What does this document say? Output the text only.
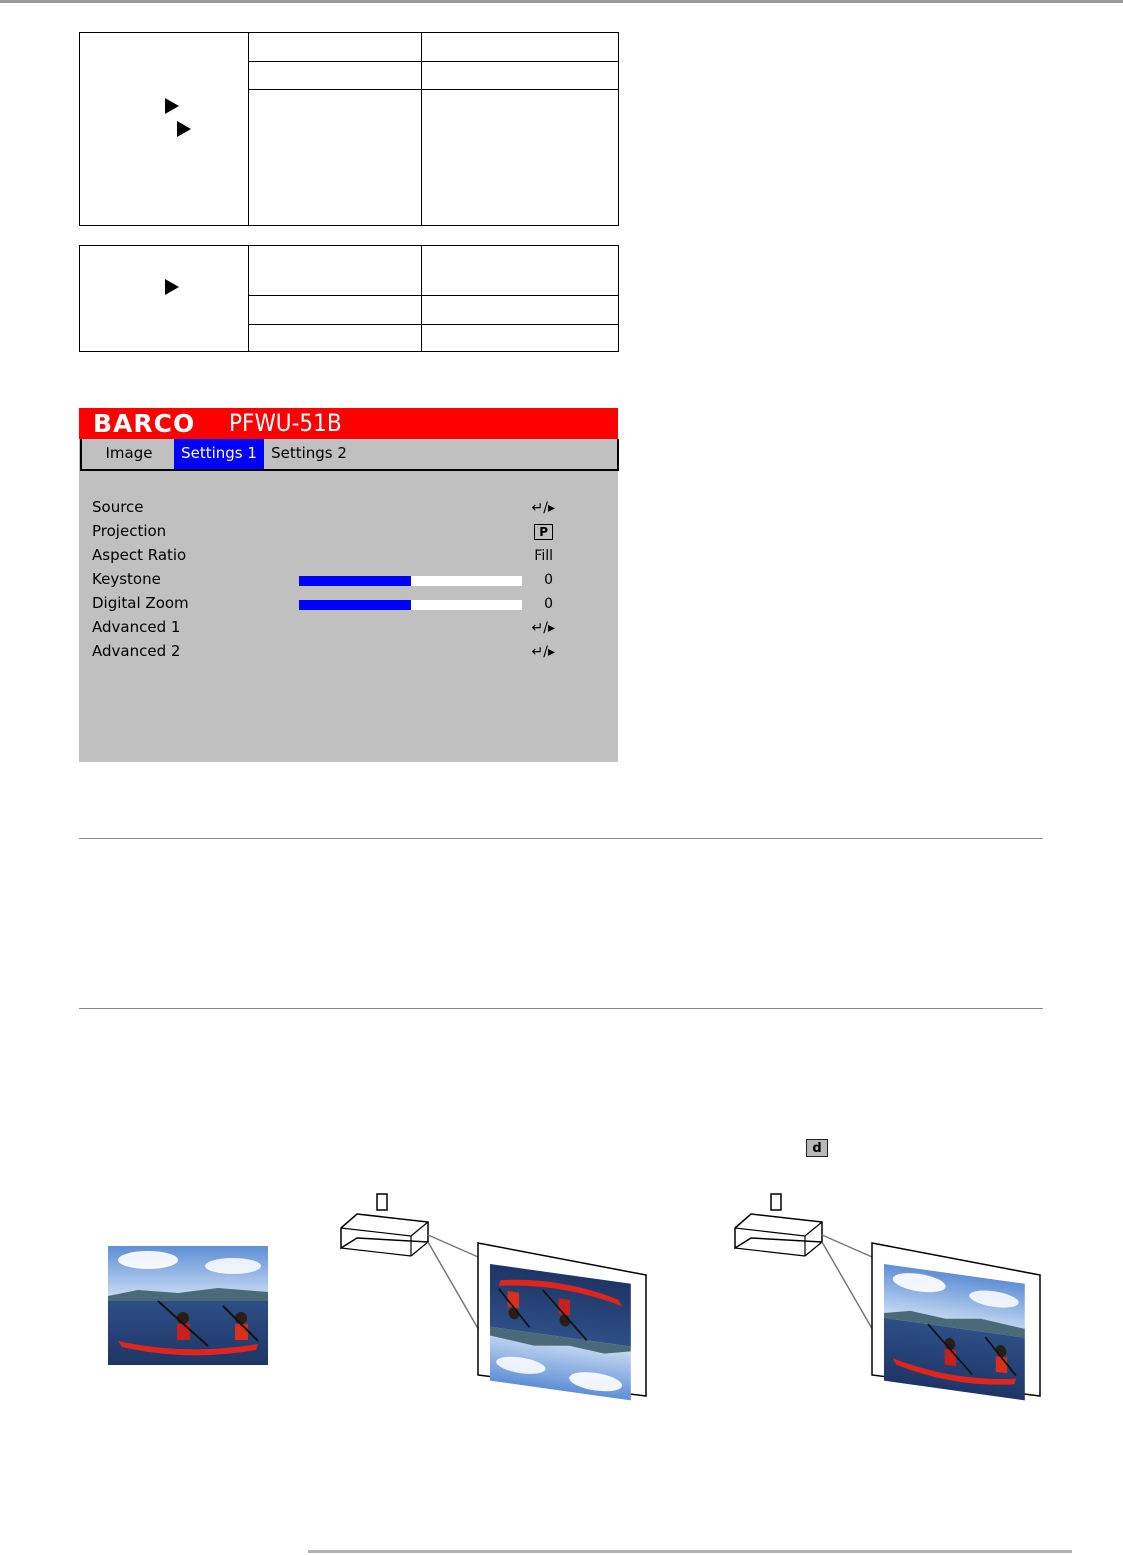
BARCO PFWU-51B
Image	Settings 1 Settings 2
Source	↵/▸
Projection	P
Aspect Ratio	Fill
Keystone	0
Digital Zoom	0
Advanced 1	↵/▸
Advanced 2	↵/▸
d
